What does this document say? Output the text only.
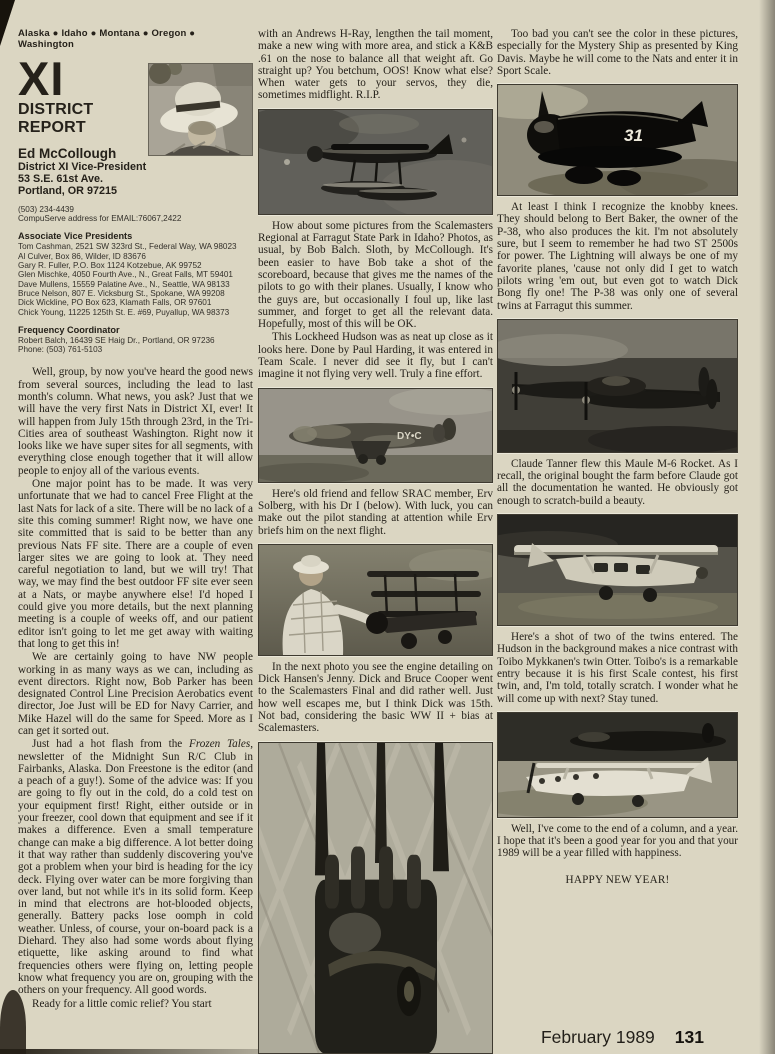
Alaska ● Idaho ● Montana ● Oregon ● Washington
XI
DISTRICT REPORT
Ed McCollough
District XI Vice-President
53 S.E. 61st Ave.
Portland, OR 97215
(503) 234-4439
CompuServe address for EMAIL:76067,2422
Associate Vice Presidents
Tom Cashman, 2521 SW 323rd St., Federal Way, WA 98023
Al Culver, Box 86, Wilder, ID 83676
Gary R. Fuller, P.O. Box 1124 Kotzebue, AK 99752
Glen Mischke, 4050 Fourth Ave., N., Great Falls, MT 59401
Dave Mullens, 15559 Palatine Ave., N., Seattle, WA 98133
Bruce Nelson, 807 E. Vicksburg St., Spokane, WA 99208
Dick Wickline, PO Box 623, Klamath Falls, OR 97601
Chick Young, 11225 125th St. E. #69, Puyallup, WA 98373
Frequency Coordinator
Robert Balch, 16439 SE Haig Dr., Portland, OR 97236
Phone: (503) 761-5103

Well, group, by now you've heard the good news from several sources, including the lead to last month's column. What news, you ask? Just that we will have the very first Nats in District XI, ever! It will happen from July 15th through 23rd, in the Tri-Cities area of southeast Washington. Right now it looks like we have super sites for all segments, with everything close enough together that it will allow people to enjoy all of the various events.

One major point has to be made. It was very unfortunate that we had to cancel Free Flight at the last Nats for lack of a site. There will be no lack of a site this coming summer! Right now, we have one site committed that is said to be better than any previous Nats FF site. There are a couple of even larger sites we are going to look at. They need careful negotiation to land, but we will try! That way, we may find the best outdoor FF site ever seen at a Nats, or maybe anywhere else! I'd hoped I could give you more details, but the next planning meeting is a couple of weeks off, and our patient editor isn't going to let me get away with waiting that long to get this in!

We are certainly going to have NW people working in as many ways as we can, including as event directors. Right now, Bob Parker has been designated Control Line Precision Aerobatics event director, Joe Just will be ED for Navy Carrier, and Mike Hazel will do the same for Speed. More as I can get it sorted out.

Just had a hot flash from the Frozen Tales, newsletter of the Midnight Sun R/C Club in Fairbanks, Alaska. Don Freestone is the editor (and a peach of a guy!). Some of the advice was: If you are going to fly out in the cold, do a cold test on your equipment first! Right, either outside or in your freezer, cool down that equipment and see if it makes a difference. Even a small temperature change can make a big difference. A lot better doing it that way rather than suddenly discovering you've got a problem when your bird is heading for the icy deck. Flying over water can be more forgiving than over land, but not while it's in its solid form. Keep in mind that electrons are hot-blooded objects, generally. Battery packs lose oomph in cold weather. Unless, of course, your on-board pack is a Diehard. They also had some words about flying etiquette, like asking around to find what frequencies others were flying on, letting people know what frequency you are on, grouping with the others on your frequency. All good words.

Ready for a little comic relief? You start

with an Andrews H-Ray, lengthen the tail moment, make a new wing with more area, and stick a K&B .61 on the nose to balance all that weight aft. Go straight up? You betchum, OOS! Know what else? When water gets to your servos, they die, sometimes midflight. R.I.P.

How about some pictures from the Scalemasters Regional at Farragut State Park in Idaho? Photos, as usual, by Bob Balch. Sloth, by McCollough. It's been easier to have Bob take a shot of the scoreboard, because that gives me the names of the pilots to go with their planes. Usually, I know who the guys are, but occasionally I foul up, like last summer, and forget to get all the relevant data. Hopefully, most of this will be OK.

This Lockheed Hudson was as neat up close as it looks here. Done by Paul Harding, it was entered in Team Scale. I never did see it fly, but I can't imagine it not flying very well. Truly a fine effort.

DY•C

Here's old friend and fellow SRAC member, Erv Solberg, with his Dr I (below). With luck, you can make out the pilot standing at attention while Erv briefs him on the next flight.

In the next photo you see the engine detailing on Dick Hansen's Jenny. Dick and Bruce Cooper went to the Scalemasters Final and did rather well. Just how well escapes me, but I think Dick was 15th. Not bad, considering the basic WW II + bias at Scalemasters.

Too bad you can't see the color in these pictures, especially for the Mystery Ship as presented by King Davis. Maybe he will come to the Nats and enter it in Sport Scale.

31

At least I think I recognize the knobby knees. They should belong to Bert Baker, the owner of the P-38, who also produces the kit. I'm not absolutely sure, but I seem to remember he had two ST 2500s for power. The Lightning will always be one of my favorite planes, 'cause not only did I get to watch pilots wring 'em out, but even got to watch Dick Bong fly one! The P-38 was only one of several twins at Farragut this summer.

Claude Tanner flew this Maule M-6 Rocket. As I recall, the original bought the farm before Claude got all the documentation he wanted. He obviously got enough to scratch-build a beauty.

Here's a shot of two of the twins entered. The Hudson in the background makes a nice contrast with Toibo Mykkanen's twin Otter. Toibo's is a remarkable entry because it is his first Scale contest, his first twin, and, I'm told, totally scratch. I wonder what he will come up with next? Stay tuned.

Well, I've come to the end of a column, and a year. I hope that it's been a good year for you and that your 1989 will be a year filled with happiness.

HAPPY NEW YEAR!

February 1989 131
